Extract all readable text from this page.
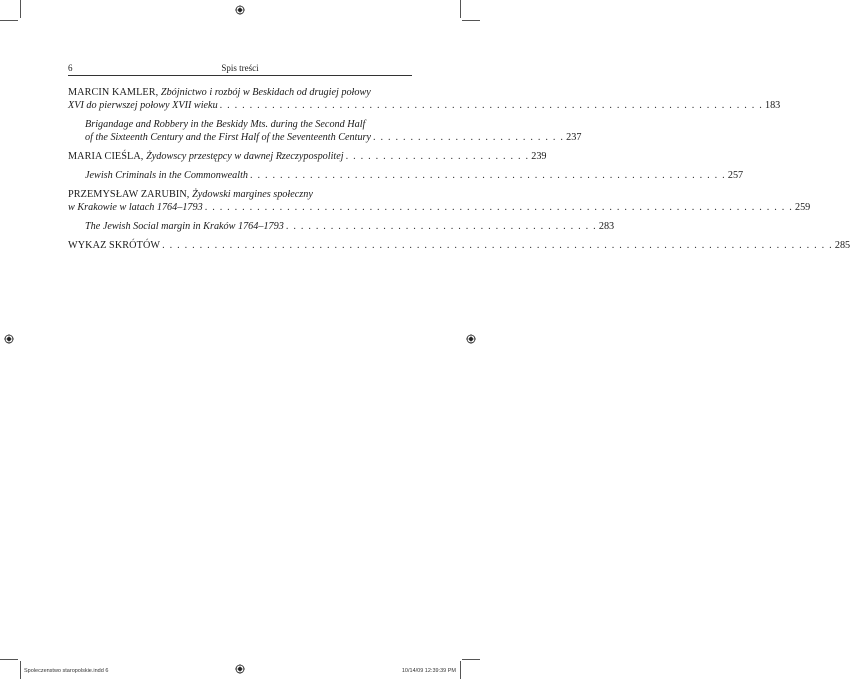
6	Spis treści
MARCIN KAMLER, Zbójnictwo i rozbój w Beskidach od drugiej połowy
XVI do pierwszej połowy XVII wieku . . . . . . . . . . . . . . . . . . . . . . . . . . . . . . . . . . . . . . . . . . . . . . . . . . . . . . . . . . . . . . . . . . . . . . . . . 183
Brigandage and Robbery in the Beskidy Mts. during the Second Half
of the Sixteenth Century and the First Half of the Seventeenth Century . . . . . . . . . . . . . . . . . . . . . . . . . . 237
MARIA CIEŚLA, Żydowscy przestępcy w dawnej Rzeczypospolitej . . . . . . . . . . . . . . . . . . . . . . . . . 239
Jewish Criminals in the Commonwealth . . . . . . . . . . . . . . . . . . . . . . . . . . . . . . . . . . . . . . . . . . . . . . . . . . . . . . . . . . . . . . . . 257
PRZEMYSŁAW ZARUBIN, Żydowski margines społeczny
w Krakowie w latach 1764–1793 . . . . . . . . . . . . . . . . . . . . . . . . . . . . . . . . . . . . . . . . . . . . . . . . . . . . . . . . . . . . . . . . . . . . . . . . . . . . . . . 259
The Jewish Social margin in Kraków 1764–1793 . . . . . . . . . . . . . . . . . . . . . . . . . . . . . . . . . . . . . . . . . . 283
WYKAZ SKRÓTÓW . . . . . . . . . . . . . . . . . . . . . . . . . . . . . . . . . . . . . . . . . . . . . . . . . . . . . . . . . . . . . . . . . . . . . . . . . . . . . . . . . . . . . . . . . . 285
Spoleczenstwo staropolskie.indd 6	10/14/09 12:39:39 PM
